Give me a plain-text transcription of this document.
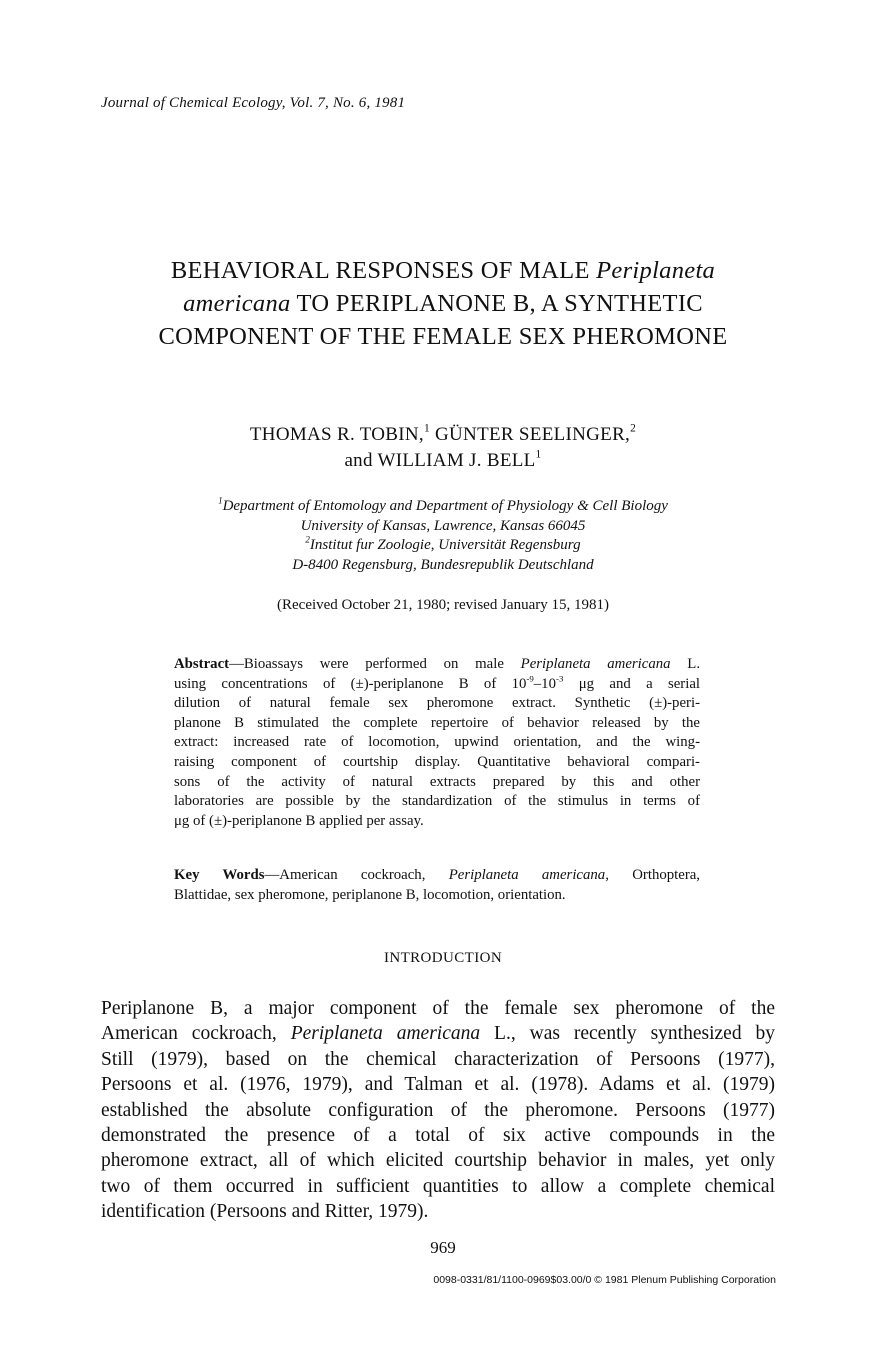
Journal of Chemical Ecology, Vol. 7, No. 6, 1981
BEHAVIORAL RESPONSES OF MALE Periplaneta
americana TO PERIPLANONE B, A SYNTHETIC
COMPONENT OF THE FEMALE SEX PHEROMONE
THOMAS R. TOBIN,$^1$ GÜNTER SEELINGER,$^2$
and WILLIAM J. BELL$^1$
$^1$Department of Entomology and Department of Physiology & Cell Biology
University of Kansas, Lawrence, Kansas 66045
$^2$Institut fur Zoologie, Universität Regensburg
D-8400 Regensburg, Bundesrepublik Deutschland
(Received October 21, 1980; revised January 15, 1981)
Abstract—Bioassays were performed on male Periplaneta americana L.
using concentrations of (±)-periplanone B of $10^{-9}-10^{-3}$ μg and a serial
dilution of natural female sex pheromone extract. Synthetic (±)-peri-
planone B stimulated the complete repertoire of behavior released by the
extract: increased rate of locomotion, upwind orientation, and the wing-
raising component of courtship display. Quantitative behavioral compari-
sons of the activity of natural extracts prepared by this and other
laboratories are possible by the standardization of the stimulus in terms of
μg of (±)-periplanone B applied per assay.
Key Words—American cockroach, Periplaneta americana, Orthoptera,
Blattidae, sex pheromone, periplanone B, locomotion, orientation.
INTRODUCTION
Periplanone B, a major component of the female sex pheromone of the
American cockroach, Periplaneta americana L., was recently synthesized by
Still (1979), based on the chemical characterization of Persoons (1977),
Persoons et al. (1976, 1979), and Talman et al. (1978). Adams et al. (1979)
established the absolute configuration of the pheromone. Persoons (1977)
demonstrated the presence of a total of six active compounds in the
pheromone extract, all of which elicited courtship behavior in males, yet only
two of them occurred in sufficient quantities to allow a complete chemical
identification (Persoons and Ritter, 1979).
969
0098-0331/81/1100-0969$03.00/0 © 1981 Plenum Publishing Corporation
